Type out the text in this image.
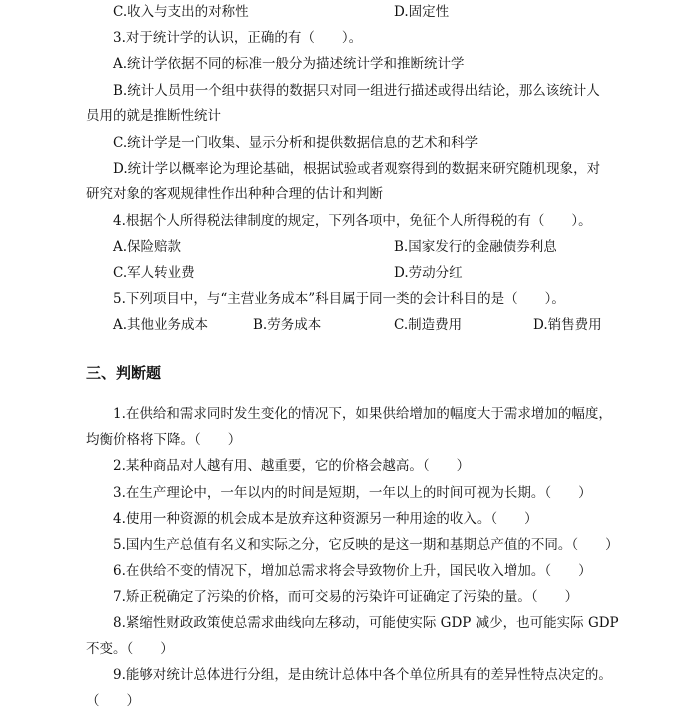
C.收入与支出的对称性	D.固定性
3.对于统计学的认识，正确的有（　　）。
A.统计学依据不同的标准一般分为描述统计学和推断统计学
B.统计人员用一个组中获得的数据只对同一组进行描述或得出结论，那么该统计人
员用的就是推断性统计
C.统计学是一门收集、显示分析和提供数据信息的艺术和科学
D.统计学以概率论为理论基础，根据试验或者观察得到的数据来研究随机现象，对
研究对象的客观规律性作出种种合理的估计和判断
4.根据个人所得税法律制度的规定，下列各项中，免征个人所得税的有（　　）。
A.保险赔款	B.国家发行的金融债券利息
C.军人转业费	D.劳动分红
5.下列项目中，与“主营业务成本”科目属于同一类的会计科目的是（　　）。
A.其他业务成本	B.劳务成本	C.制造费用	D.销售费用
三、判断题
1.在供给和需求同时发生变化的情况下，如果供给增加的幅度大于需求增加的幅度，
均衡价格将下降。（　　）
2.某种商品对人越有用、越重要，它的价格会越高。（　　）
3.在生产理论中，一年以内的时间是短期，一年以上的时间可视为长期。（　　）
4.使用一种资源的机会成本是放弃这种资源另一种用途的收入。（　　）
5.国内生产总值有名义和实际之分，它反映的是这一期和基期总产值的不同。（　　）
6.在供给不变的情况下，增加总需求将会导致物价上升，国民收入增加。（　　）
7.矫正税确定了污染的价格，而可交易的污染许可证确定了污染的量。（　　）
8.紧缩性财政政策使总需求曲线向左移动，可能使实际 GDP 减少，也可能实际 GDP
不变。（　　）
9.能够对统计总体进行分组，是由统计总体中各个单位所具有的差异性特点决定的。
（　　）
